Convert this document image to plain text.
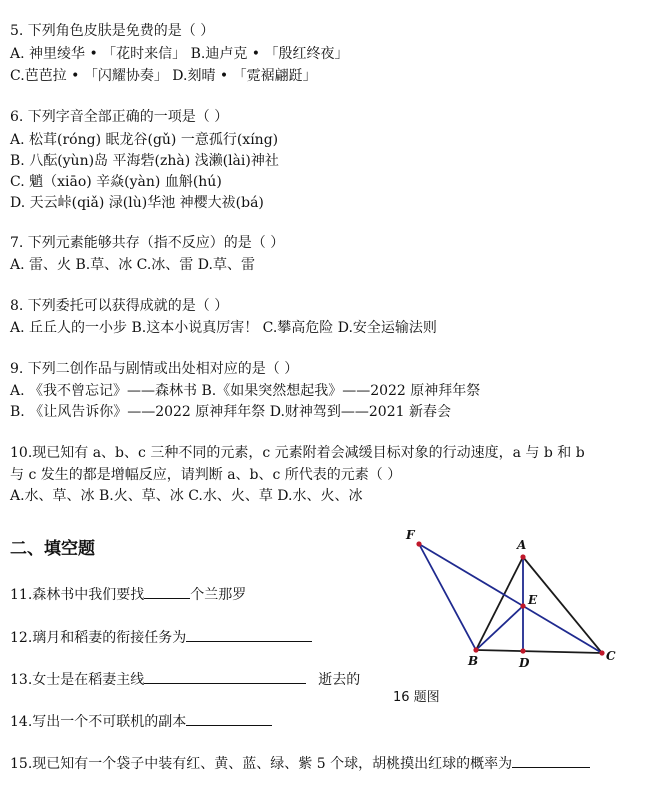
5. 下列角色皮肤是免费的是（ ）
A. 神里绫华 • 「花时来信」 B.迪卢克 • 「殷红终夜」
C.芭芭拉 • 「闪耀协奏」 D.刻晴 • 「霓裾翩跹」
6. 下列字音全部正确的一项是（ ）
A. 松茸(róng) 眠龙谷(gǔ) 一意孤行(xíng)
B. 八酝(yùn)岛 平海砦(zhà) 浅濑(lài)神社
C. 魈（xiāo) 辛焱(yàn) 血斛(hú)
D. 天云峠(qiǎ) 渌(lù)华池 神樱大祓(bá)
7. 下列元素能够共存（指不反应）的是（ ）
A. 雷、火 B.草、冰 C.冰、雷 D.草、雷
8. 下列委托可以获得成就的是（ ）
A. 丘丘人的一小步 B.这本小说真厉害！ C.攀高危险 D.安全运输法则
9. 下列二创作品与剧情或出处相对应的是（ ）
A. 《我不曾忘记》——森林书 B.《如果突然想起我》——2022 原神拜年祭
B. 《让风告诉你》——2022 原神拜年祭 D.财神驾到——2021 新春会
10.现已知有 a、b、c 三种不同的元素，c 元素附着会减缓目标对象的行动速度，a 与 b 和 b
与 c 发生的都是增幅反应，请判断 a、b、c 所代表的元素（ ）
A.水、草、冰 B.火、草、冰 C.水、火、草 D.水、火、冰
二、填空题
11.森林书中我们要找	个兰那罗
12.璃月和稻妻的衔接任务为
13.女士是在稻妻主线	逝去的
14.写出一个不可联机的副本
15.现已知有一个袋子中装有红、黄、蓝、绿、紫 5 个球，胡桃摸出红球的概率为
F
A
E
B	D	C
16 题图
